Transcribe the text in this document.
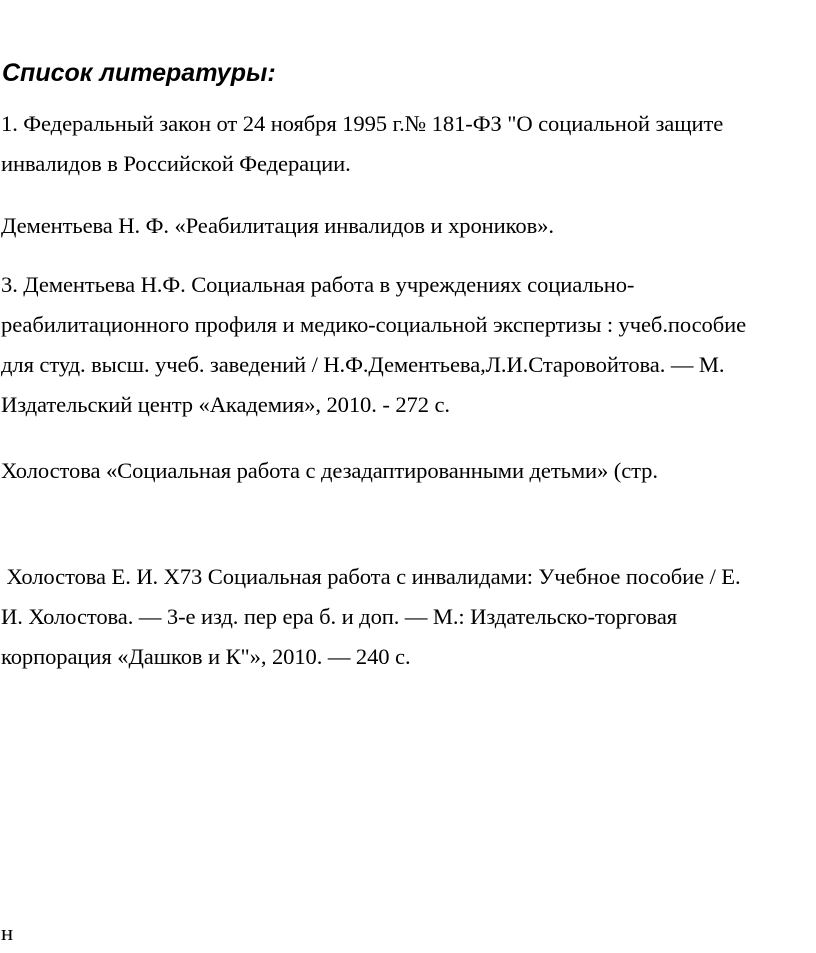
Список литературы:
1. Федеральный закон от 24 ноября 1995 г.№ 181-ФЗ "О социальной защите
инвалидов в Российской Федерации.
Дементьева Н. Ф. «Реабилитация инвалидов и хроников».
3. Дементьева Н.Ф. Социальная работа в учреждениях социально-
реабилитационного профиля и медико-социальной экспертизы : учеб.пособие
для студ. высш. учеб. заведений / Н.Ф.Дементьева,Л.И.Старовойтова. — М.
Издательский центр «Академия», 2010. - 272 с.
Холостова «Социальная работа с дезадаптированными детьми» (стр.
Холостова Е. И. Х73 Социальная работа с инвалидами: Учебное пособие / Е.
И. Холостова. — 3-е изд. пер ера б. и доп. — М.: Издательско-торговая
корпорация «Дашков и К"», 2010. — 240 с.
н
